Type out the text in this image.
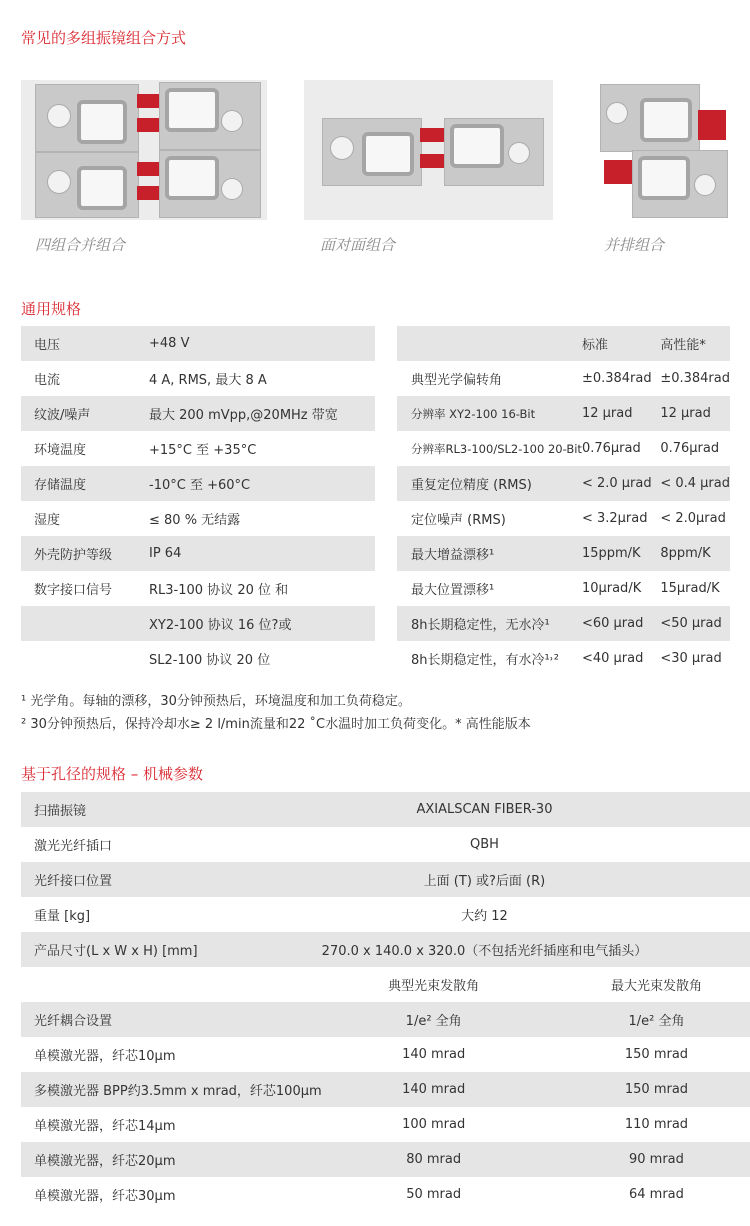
常见的多组振镜组合方式
四组合并组合	面对面组合	并排组合
通用规格
电压	+48 V
电流	4 A, RMS, 最大 8 A
纹波/噪声	最大 200 mVpp,@20MHz 带宽
环境温度	+15°C 至 +35°C
存储温度	-10°C 至 +60°C
湿度	≤ 80 % 无结露
外壳防护等级	IP 64
数字接口信号	RL3-100 协议 20 位 和
	XY2-100 协议 16 位?或
	SL2-100 协议 20 位
	标准	高性能*
典型光学偏转角	±0.384rad	±0.384rad
分辨率 XY2-100 16-Bit	12 µrad	12 µrad
分辨率RL3-100/SL2-100 20-Bit	0.76µrad	0.76µrad
重复定位精度 (RMS)	< 2.0 µrad	< 0.4 µrad
定位噪声 (RMS)	< 3.2µrad	< 2.0µrad
最大增益漂移¹	15ppm/K	8ppm/K
最大位置漂移¹	10µrad/K	15µrad/K
8h长期稳定性，无水冷¹	<60 µrad	<50 µrad
8h长期稳定性，有水冷¹˒²	<40 µrad	<30 µrad
¹ 光学角。每轴的漂移，30分钟预热后，环境温度和加工负荷稳定。
² 30分钟预热后，保持冷却水≥ 2 l/min流量和22 ˚C水温时加工负荷变化。* 高性能版本
基于孔径的规格 – 机械参数
扫描振镜	AXIALSCAN FIBER-30	
激光光纤插口	QBH	
光纤接口位置	上面 (T) 或?后面 (R)	
重量 [kg]	大约 12	
产品尺寸(L x W x H) [mm]	270.0 x 140.0 x 320.0（不包括光纤插座和电气插头）	
	典型光束发散角	最大光束发散角
光纤耦合设置	1/e² 全角	1/e² 全角
单模激光器，纤芯10µm	140 mrad	150 mrad
多模激光器 BPP约3.5mm x mrad，纤芯100µm	140 mrad	150 mrad
单模激光器，纤芯14µm	100 mrad	110 mrad
单模激光器，纤芯20µm	80 mrad	90 mrad
单模激光器，纤芯30µm	50 mrad	64 mrad
